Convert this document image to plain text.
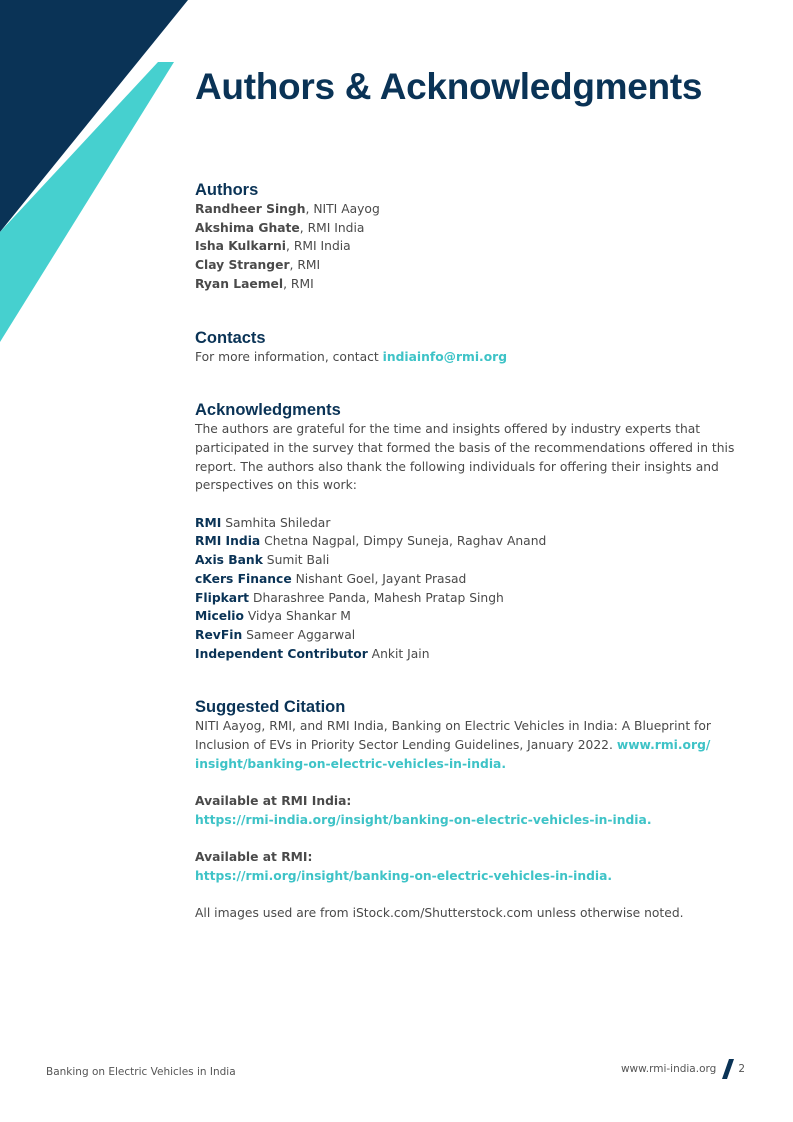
Authors & Acknowledgments
Authors
Randheer Singh, NITI Aayog
Akshima Ghate, RMI India
Isha Kulkarni, RMI India
Clay Stranger, RMI
Ryan Laemel, RMI
Contacts
For more information, contact indiainfo@rmi.org
Acknowledgments
The authors are grateful for the time and insights offered by industry experts that
participated in the survey that formed the basis of the recommendations offered in this
report. The authors also thank the following individuals for offering their insights and
perspectives on this work:
RMI Samhita Shiledar
RMI India Chetna Nagpal, Dimpy Suneja, Raghav Anand
Axis Bank Sumit Bali
cKers Finance Nishant Goel, Jayant Prasad
Flipkart Dharashree Panda, Mahesh Pratap Singh
Micelio Vidya Shankar M
RevFin Sameer Aggarwal
Independent Contributor Ankit Jain
Suggested Citation
NITI Aayog, RMI, and RMI India, Banking on Electric Vehicles in India: A Blueprint for
Inclusion of EVs in Priority Sector Lending Guidelines, January 2022. www.rmi.org/
insight/banking-on-electric-vehicles-in-india.
Available at RMI India:
https://rmi-india.org/insight/banking-on-electric-vehicles-in-india.
Available at RMI:
https://rmi.org/insight/banking-on-electric-vehicles-in-india.
All images used are from iStock.com/Shutterstock.com unless otherwise noted.
Banking on Electric Vehicles in India	www.rmi-india.org 2
